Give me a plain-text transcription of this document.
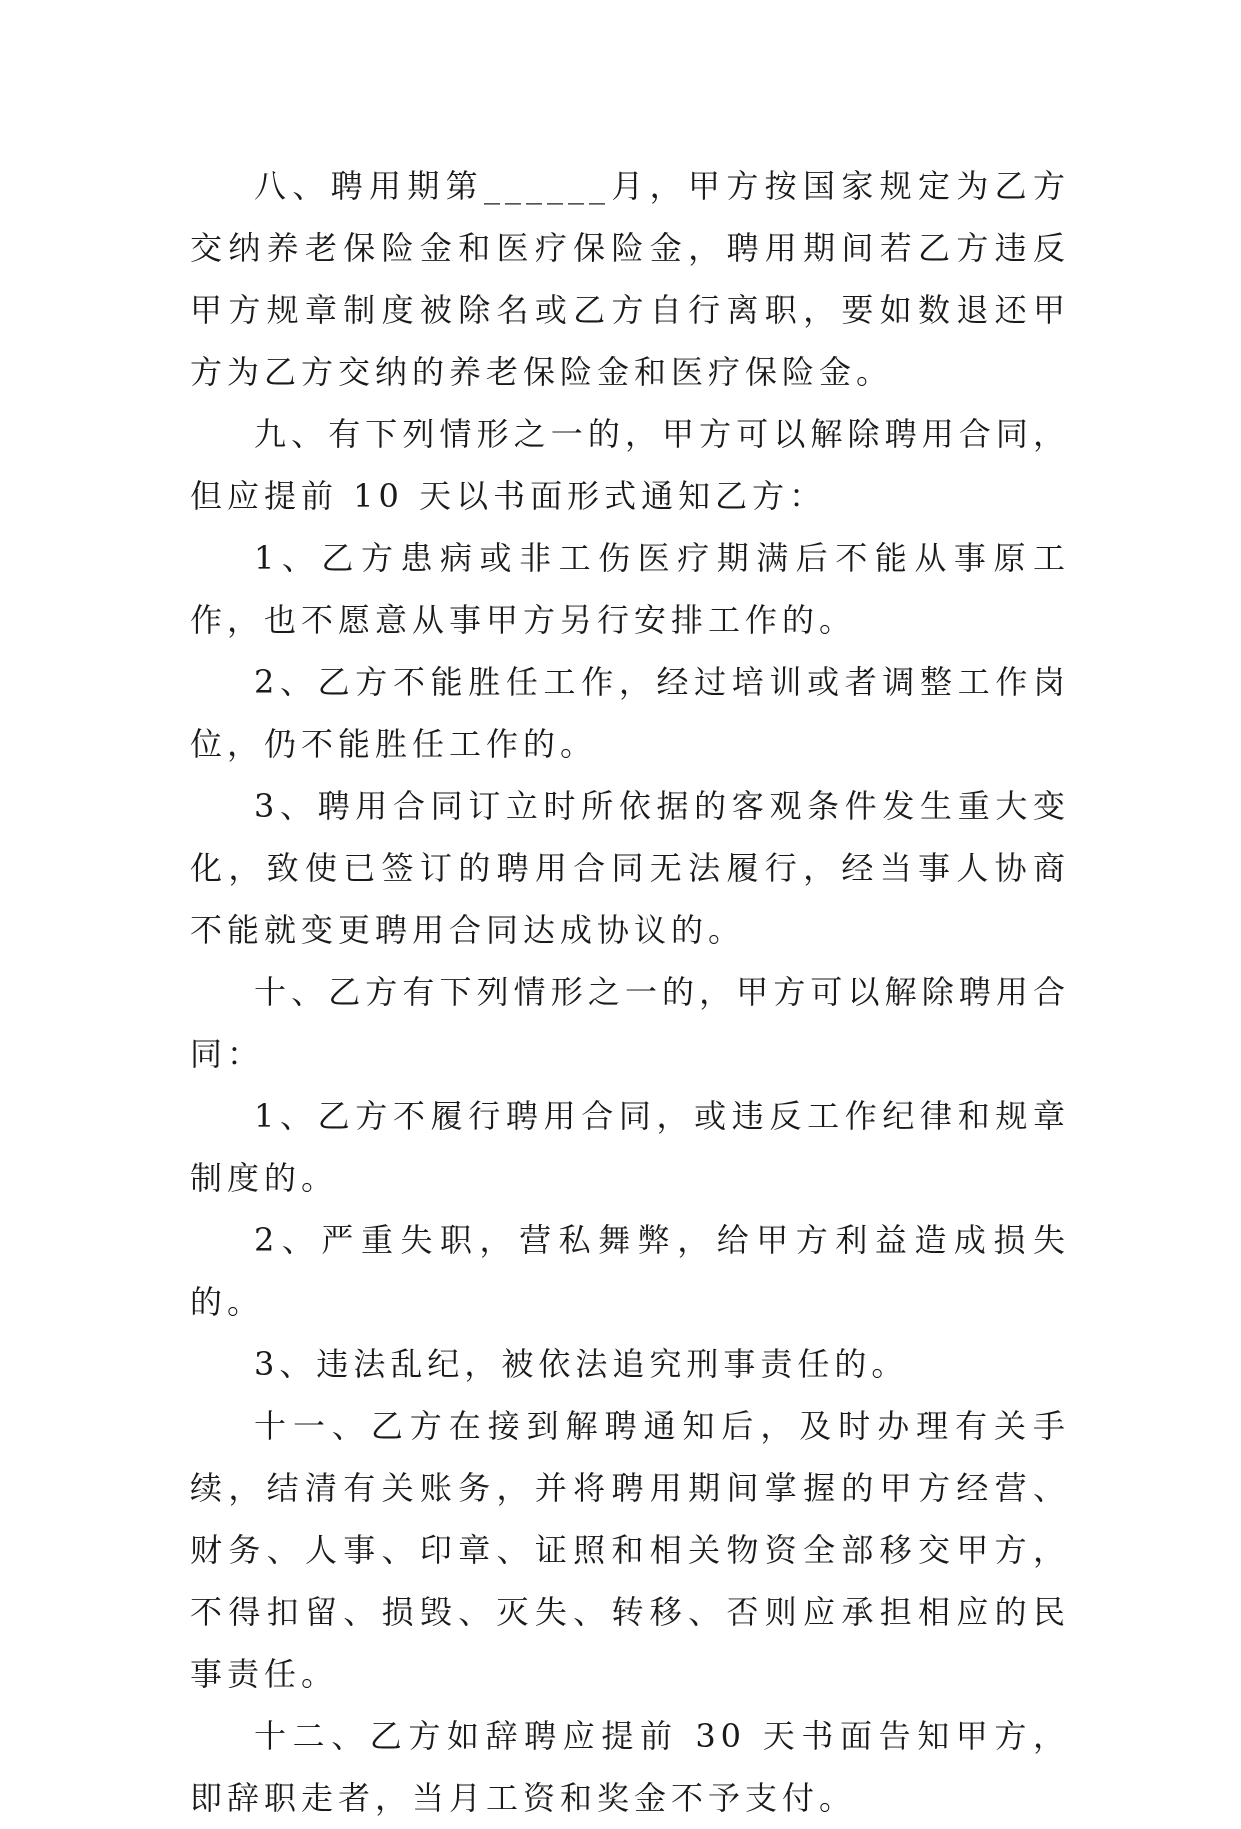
八、聘用期第______月，甲方按国家规定为乙方交纳养老保险金和医疗保险金，聘用期间若乙方违反甲方规章制度被除名或乙方自行离职，要如数退还甲方为乙方交纳的养老保险金和医疗保险金。

九、有下列情形之一的，甲方可以解除聘用合同，但应提前 10 天以书面形式通知乙方：

1、乙方患病或非工伤医疗期满后不能从事原工作，也不愿意从事甲方另行安排工作的。

2、乙方不能胜任工作，经过培训或者调整工作岗位，仍不能胜任工作的。

3、聘用合同订立时所依据的客观条件发生重大变化，致使已签订的聘用合同无法履行，经当事人协商不能就变更聘用合同达成协议的。

十、乙方有下列情形之一的，甲方可以解除聘用合同：

1、乙方不履行聘用合同，或违反工作纪律和规章制度的。

2、严重失职，营私舞弊，给甲方利益造成损失的。

3、违法乱纪，被依法追究刑事责任的。

十一、乙方在接到解聘通知后，及时办理有关手续，结清有关账务，并将聘用期间掌握的甲方经营、财务、人事、印章、证照和相关物资全部移交甲方，不得扣留、损毁、灭失、转移、否则应承担相应的民事责任。

十二、乙方如辞聘应提前 30 天书面告知甲方，即辞职走者，当月工资和奖金不予支付。
